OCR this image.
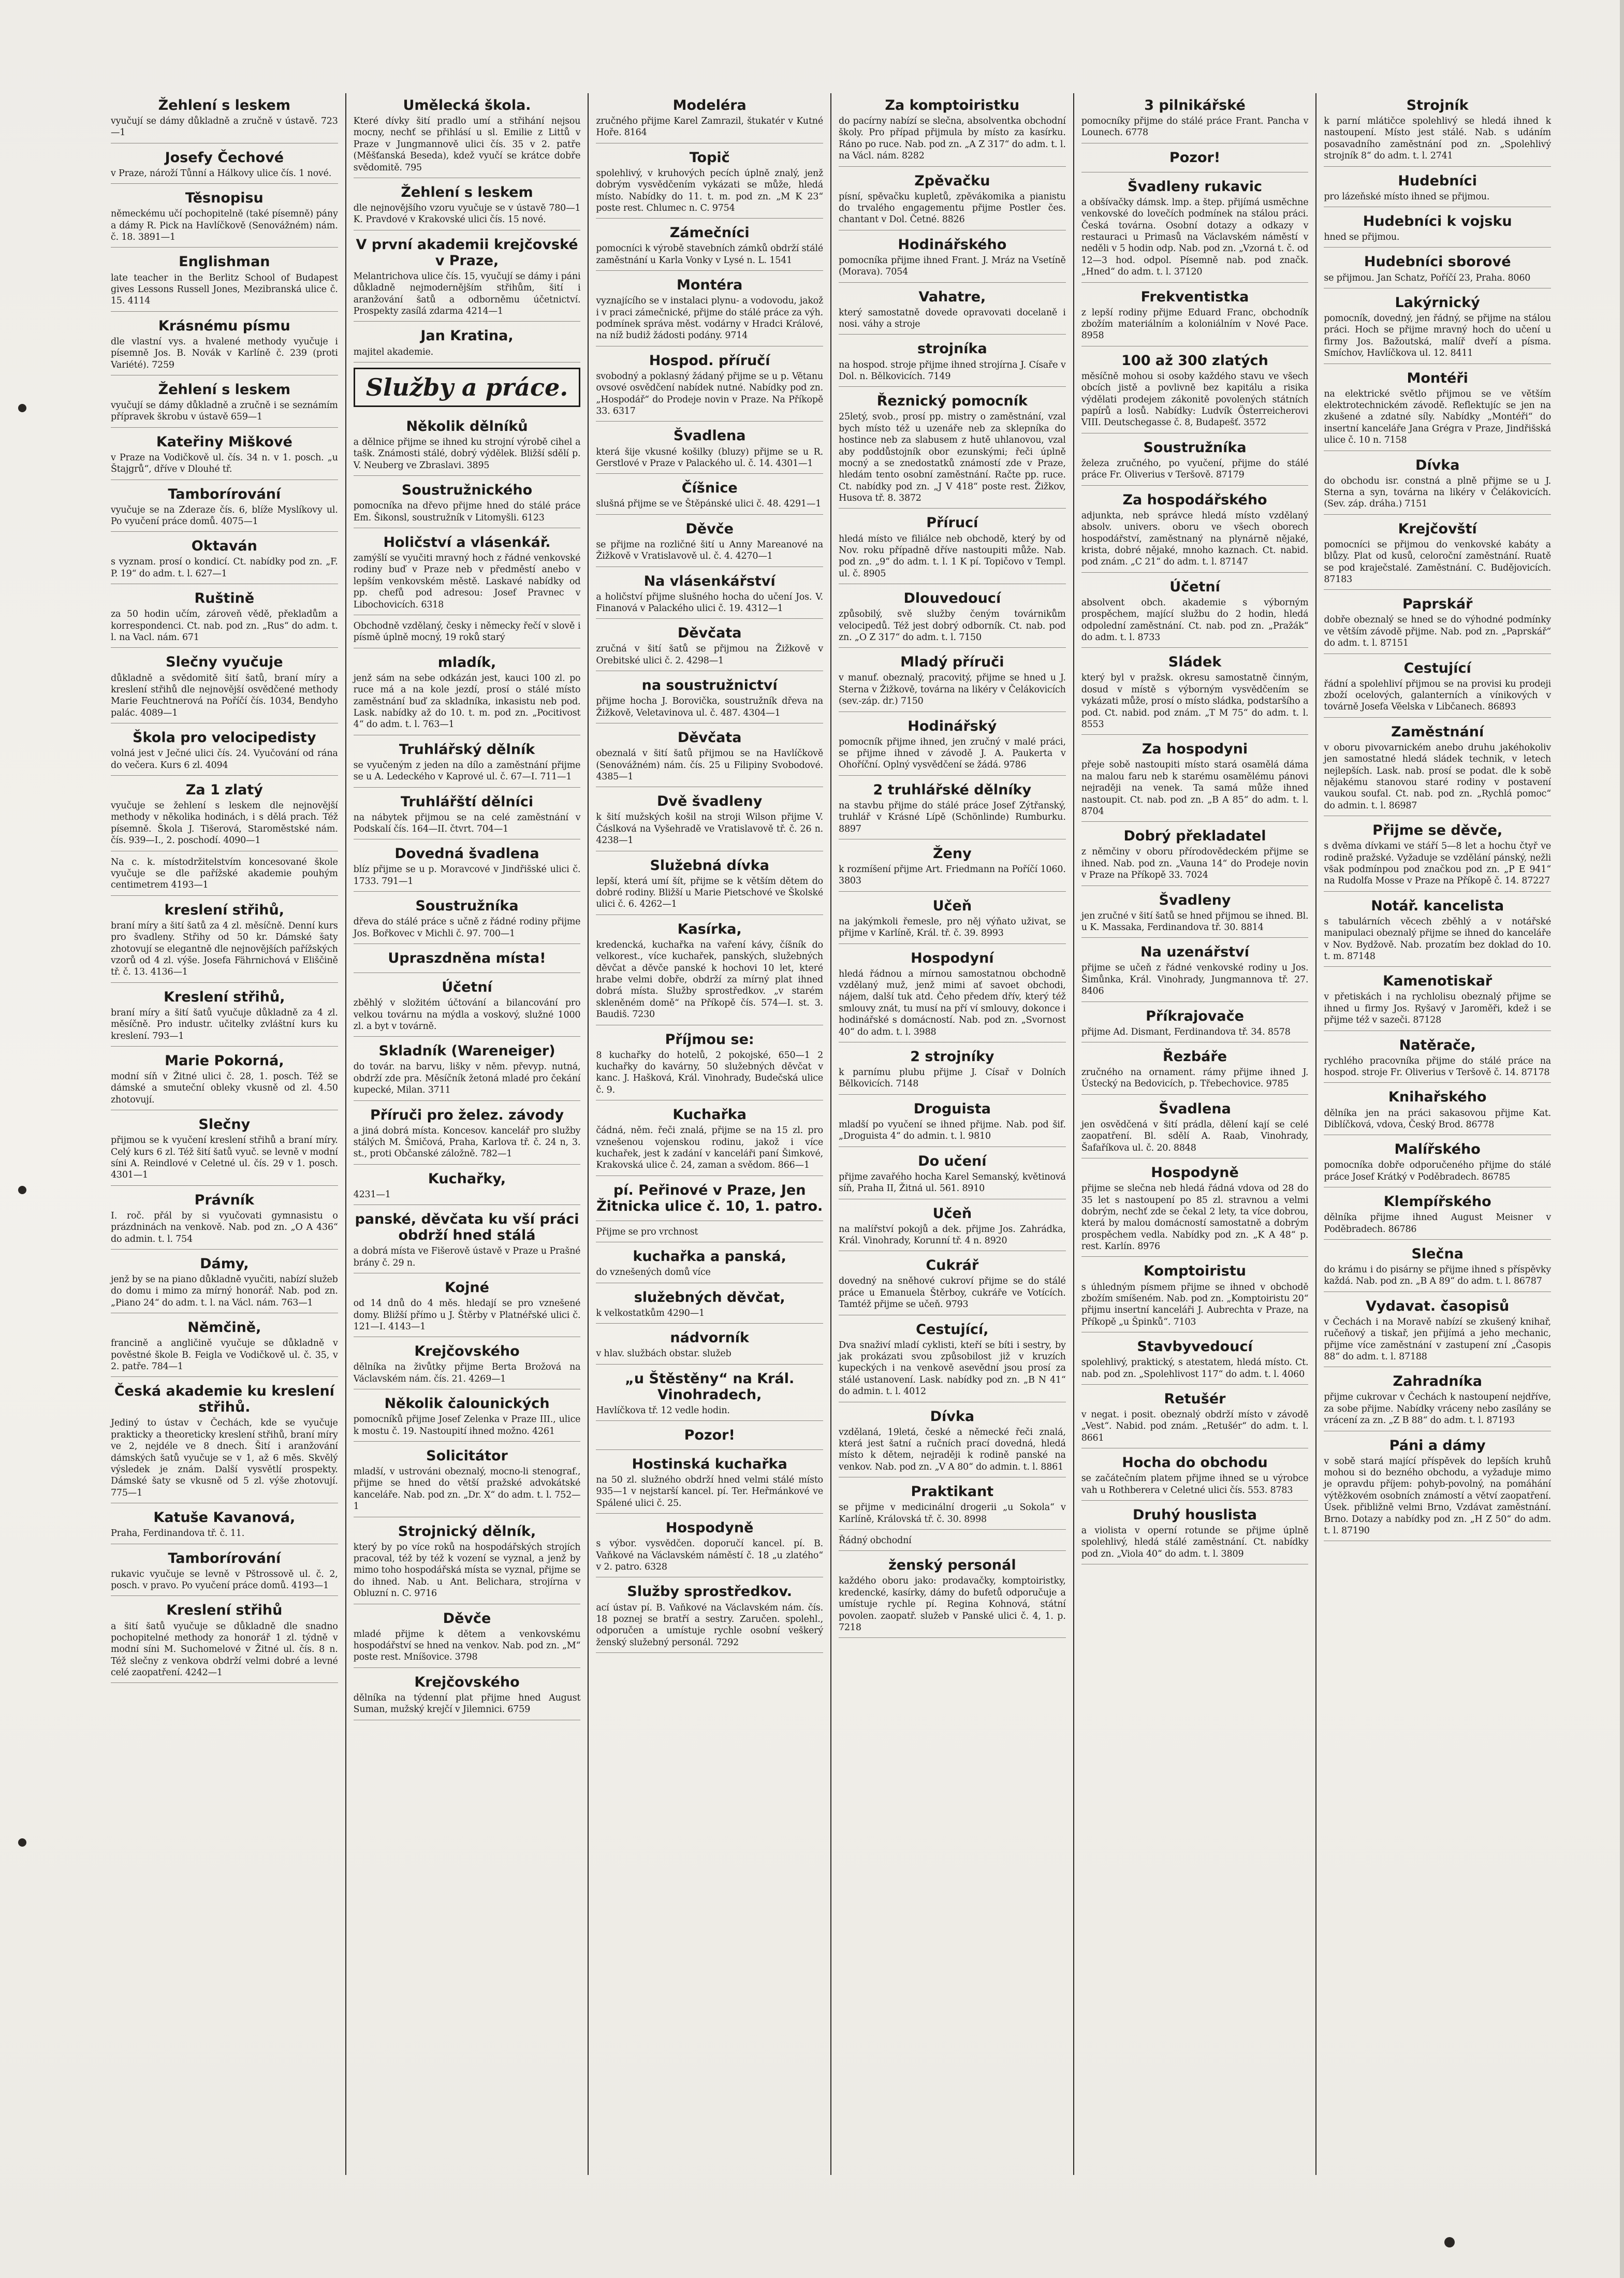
Žehlení s leskem
vyučují se dámy důkladně a zručně v ústavě. 723—1
Josefy Čechové
v Praze, nároží Tůnní a Hálkovy ulice čís. 1 nové.
Těsnopisu
německému učí pochopitelně (také písemně) pány a dámy R. Pick na Havlíčkově (Senovážném) nám. č. 18. 3891—1
Englishman
late teacher in the Berlitz School of Budapest gives Lessons Russell Jones, Mezibranská ulice č. 15. 4114
Krásnému písmu
dle vlastní vys. a hvalené methody vyučuje i písemně Jos. B. Novák v Karlíně č. 239 (proti Variété). 7259
Žehlení s leskem
vyučují se dámy důkladně a zručně i se seznámím přípravek škrobu v ústavě 659—1
Kateřiny Miškové
v Praze na Vodičkově ul. čís. 34 n. v 1. posch. „u Štajgrů“, dříve v Dlouhé tř.
Tamborírování
vyučuje se na Zderaze čís. 6, blíže Myslíkovy ul. Po vyučení práce domů. 4075—1
Oktaván
s vyznam. prosí o kondicí. Ct. nabídky pod zn. „F. P. 19“ do adm. t. l. 627—1
Ruštině
za 50 hodin učím, zároveň vědě, překladům a korrespondenci. Ct. nab. pod zn. „Rus“ do adm. t. l. na Vacl. nám. 671
Slečny vyučuje
důkladně a svědomitě šití šatů, braní míry a kreslení střihů dle nejnovější osvědčené methody Marie Feuchtnerová na Poříčí čís. 1034, Bendyho palác. 4089—1
Škola pro velocipedisty
volná jest v Ječné ulici čís. 24. Vyučování od rána do večera. Kurs 6 zl. 4094
Za 1 zlatý
vyučuje se žehlení s leskem dle nejnovější methody v několika hodinách, i s dělá prach. Též písemně. Škola J. Tišerová, Staroměstské nám. čís. 939—I., 2. poschodí. 4090—1
Na c. k. místodržitelstvím koncesované škole vyučuje se dle pařížské akademie pouhým centimetrem 4193—1
kreslení střihů,
braní míry a šití šatů za 4 zl. měsíčně. Denní kurs pro švadleny. Střihy od 50 kr. Dámské šaty zhotovují se elegantně dle nejnovějších pařížských vzorů od 4 zl. výše. Josefa Fährnichová v Eliščině tř. č. 13. 4136—1
Kreslení střihů,
braní míry a šití šatů vyučuje důkladně za 4 zl. měsíčně. Pro industr. učitelky zvláštní kurs ku kreslení. 793—1
Marie Pokorná,
modní síň v Žitné ulici č. 28, 1. posch. Též se dámské a smuteční obleky vkusně od zl. 4.50 zhotovují.
Slečny
přijmou se k vyučení kreslení střihů a braní míry. Celý kurs 6 zl. Též šití šatů vyuč. se levně v modní síni A. Reindlové v Celetné ul. čís. 29 v 1. posch. 4301—1
Právník
I. roč. přál by si vyučovati gymnasistu o prázdninách na venkově. Nab. pod zn. „O A 436“ do admin. t. l. 754
Dámy,
jenž by se na piano důkladně vyučiti, nabízí služeb do domu i mimo za mírný honorář. Nab. pod zn. „Piano 24“ do adm. t. l. na Václ. nám. 763—1
Němčině,
francině a angličině vyučuje se důkladně v pověstné škole B. Feigla ve Vodičkově ul. č. 35, v 2. patře. 784—1
Česká akademie ku kreslení střihů.
Jediný to ústav v Čechách, kde se vyučuje prakticky a theoreticky kreslení střihů, braní míry ve 2, nejdéle ve 8 dnech. Šití i aranžování dámských šatů vyučuje se v 1, až 6 měs. Skvělý výsledek je znám. Další vysvětlí prospekty. Dámské šaty se vkusně od 5 zl. výše zhotovují. 775—1
Katuše Kavanová,
Praha, Ferdinandova tř. č. 11.
Tamborírování
rukavic vyučuje se levně v Pštrossově ul. č. 2, posch. v pravo. Po vyučení práce domů. 4193—1
Kreslení střihů
a šití šatů vyučuje se důkladně dle snadno pochopitelné methody za honorář 1 zl. týdně v modní síni M. Suchomelové v Žitné ul. čís. 8 n. Též slečny z venkova obdrží velmi dobré a levné celé zaopatření. 4242—1
Umělecká škola.
Které dívky šití pradlo umí a střihání nejsou mocny, nechť se přihlásí u sl. Emilie z Littů v Praze v Jungmannově ulici čís. 35 v 2. patře (Měšťanská Beseda), kdež vyučí se krátce dobře svědomitě. 795
Žehlení s leskem
dle nejnovějšího vzoru vyučuje se v ústavě 780—1 K. Pravdové v Krakovské ulici čís. 15 nové.
V první akademii krejčovské v Praze,
Melantrichova ulice čís. 15, vyučují se dámy i páni důkladně nejmodernějším střihům, šití i aranžování šatů a odborněmu účetnictví. Prospekty zasílá zdarma 4214—1
Jan Kratina,
majitel akademie.
Služby a práce.
Několik dělníků
a dělnice přijme se ihned ku strojní výrobě cihel a tašk. Známosti stálé, dobrý výdělek. Bližší sdělí p. V. Neuberg ve Zbraslavi. 3895
Soustružnického
pomocníka na dřevo přijme hned do stálé práce Em. Šikonsl, soustružník v Litomyšli. 6123
Holičství a vlásenkář.
zamýšlí se vyučiti mravný hoch z řádné venkovské rodiny buď v Praze neb v předměstí anebo v lepším venkovském městě. Laskavé nabídky od pp. chefů pod adresou: Josef Pravnec v Libochovicích. 6318
Obchodně vzdělaný, česky i německy řečí v slově i písmě úplně mocný, 19 roků starý
mladík,
jenž sám na sebe odkázán jest, kauci 100 zl. po ruce má a na kole jezdí, prosí o stálé místo zaměstnání buď za skladníka, inkasistu neb pod. Lask. nabídky až do 10. t. m. pod zn. „Pocitivost 4“ do adm. t. l. 763—1
Truhlářský dělník
se vyučeným z jeden na dílo a zaměstnání přijme se u A. Ledeckého v Kaprové ul. č. 67—I. 711—1
Truhlářští dělníci
na nábytek přijmou se na celé zaměstnání v Podskalí čís. 164—II. čtvrt. 704—1
Dovedná švadlena
blíz přijme se u p. Moravcové v Jindřišské ulici č. 1733. 791—1
Soustružníka
dřeva do stálé práce s učně z řádné rodiny přijme Jos. Bořkovec v Michli č. 97. 700—1
Upraszdněna místa!
Účetní
zběhlý v složitém účtování a bilancování pro velkou továrnu na mýdla a voskový, služné 1000 zl. a byt v továrně.
Skladník (Wareneiger)
do továr. na barvu, lišky v něm. převyp. nutná, obdrží zde pra. Měsíčník žetoná mladé pro čekání kupecké, Milan. 3711
Příruči pro želez. závody
a jiná dobrá místa. Koncesov. kancelář pro služby stálých M. Šmičová, Praha, Karlova tř. č. 24 n, 3. st., proti Občanské záložně. 782—1
Kuchařky,
4231—1
panské, děvčata ku vší práci obdrží hned stálá
a dobrá místa ve Fišerově ústavě v Praze u Prašné brány č. 29 n.
Kojné
od 14 dnů do 4 měs. hledají se pro vznešené domy. Bližší přímo u J. Štěrby v Platnéřské ulici č. 121—I. 4143—1
Krejčovského
dělníka na živůtky přijme Berta Brožová na Václavském nám. čís. 21. 4269—1
Několik čalounických
pomocníků přijme Josef Zelenka v Praze III., ulice k mostu č. 19. Nastoupití ihned možno. 4261
Solicitátor
mladší, v ustrováni obeznalý, mocno-li stenograf., přijme se hned do větší pražské advokátské kanceláře. Nab. pod zn. „Dr. X“ do adm. t. l. 752—1
Strojnický dělník,
který by po více roků na hospodářských strojích pracoval, též by též k vození se vyznal, a jenž by mimo toho hospodářská místa se vyznal, přijme se do ihned. Nab. u Ant. Belichara, strojírna v Obluzní n. C. 9716
Děvče
mladé přijme k dětem a venkovskému hospodářství se hned na venkov. Nab. pod zn. „M“ poste rest. Mníšovice. 3798
Krejčovského
dělníka na týdenní plat přijme hned August Suman, mužský krejčí v Jilemnici. 6759
Modeléra
zručného přijme Karel Zamrazil, štukatér v Kutné Hoře. 8164
Topič
spolehlivý, v kruhových pecích úplně znalý, jenž dobrým vysvědčením vykázati se může, hledá místo. Nabídky do 11. t. m. pod zn. „M K 23“ poste rest. Chlumec n. C. 9754
Zámečníci
pomocníci k výrobě stavebních zámků obdrží stálé zaměstnání u Karla Vonky v Lysé n. L. 1541
Montéra
vyznajícího se v instalaci plynu- a vodovodu, jakož i v praci zámečnické, přijme do stálé práce za výh. podmínek správa měst. vodárny v Hradci Králové, na níž budiž žádosti podány. 9714
Hospod. příručí
svobodný a poklasný žádaný přijme se u p. Větanu ovsové osvědčení nabídek nutné. Nabídky pod zn. „Hospodář“ do Prodeje novin v Praze. Na Příkopě 33. 6317
Švadlena
která šije vkusné košilky (bluzy) přijme se u R. Gerstlové v Praze v Palackého ul. č. 14. 4301—1
Číšnice
slušná přijme se ve Štěpánské ulici č. 48. 4291—1
Děvče
se přijme na rozličné šití u Anny Mareanové na Žižkově v Vratislavově ul. č. 4. 4270—1
Na vlásenkářství
a holičství přijme slušného hocha do učení Jos. V. Finanová v Palackého ulici č. 19. 4312—1
Děvčata
zručná v šití šatů se přijmou na Žižkově v Orebitské ulici č. 2. 4298—1
na soustružnictví
přijme hocha J. Borovička, soustružník dřeva na Žižkově, Veletavinova ul. č. 487. 4304—1
Děvčata
obeznalá v šití šatů přijmou se na Havlíčkově (Senovážném) nám. čís. 25 u Filipiny Svobodové. 4385—1
Dvě švadleny
k šití mužských košil na stroji Wilson přijme V. Čáslková na Vyšehradě ve Vratislavově tř. č. 26 n. 4238—1
Služebná dívka
lepší, která umí šít, přijme se k větším dětem do dobré rodiny. Bližší u Marie Pietschové ve Školské ulici č. 6. 4262—1
Kasírka,
kredencká, kuchařka na vaření kávy, číšník do velkorest., více kuchařek, panských, služebných děvčat a děvče panské k hochovi 10 let, které hrabe velmi dobře, obdrží za mírný plat ihned dobrá místa. Služby sprostředkov. „v starém skleněném domě“ na Příkopě čís. 574—I. st. 3. Baudiš. 7230
Příjmou se:
8 kuchařky do hotelů, 2 pokojské, 650—1 2 kuchařky do kavárny, 50 služebných děvčat v kanc. J. Hašková, Král. Vinohrady, Budečská ulice č. 9.
Kuchařka
čádná, něm. řeči znalá, přijme se na 15 zl. pro vznešenou vojenskou rodinu, jakož i více kuchařek, jest k zadání v kanceláři paní Šimkové, Krakovská ulice č. 24, zaman a svědom. 866—1
pí. Peřinové v Praze, Jen Žitnicka ulice č. 10, 1. patro.
Přijme se pro vrchnost
kuchařka a panská,
do vznešených domů více
služebných děvčat,
k velkostatkům 4290—1
nádvorník
v hlav. službách obstar. služeb
„u Štěstěny“ na Král. Vinohradech,
Havlíčkova tř. 12 vedle hodin.
Pozor!
Hostinská kuchařka
na 50 zl. služného obdrží hned velmi stálé místo 935—1 v nejstarší kancel. pí. Ter. Heřmánkové ve Spálené ulici č. 25.
Hospodyně
s výbor. vysvědčen. doporučí kancel. pí. B. Vaňkové na Václavském náměstí č. 18 „u zlatého“ v 2. patro. 6328
Služby sprostředkov.
ací ústav pí. B. Vaňkové na Václavském nám. čís. 18 poznej se bratří a sestry. Zaručen. spolehl., odporučen a umístuje rychle osobní veškerý ženský služebný personál. 7292
Za komptoiristku
do pacírny nabízí se slečna, absolventka obchodní školy. Pro případ přijmula by místo za kasírku. Ráno po ruce. Nab. pod zn. „A Z 317“ do adm. t. l. na Václ. nám. 8282
Zpěvačku
písní, spěvačku kupletů, zpěvákomika a pianistu do trvalého engagementu přijme Postler čes. chantant v Dol. Četné. 8826
Hodinářského
pomocníka přijme ihned Frant. J. Mráz na Vsetíně (Morava). 7054
Vahatre,
který samostatně dovede opravovati docelaně i nosi. váhy a stroje
strojníka
na hospod. stroje přijme ihned strojírna J. Císaře v Dol. n. Bělkovicích. 7149
Řeznický pomocník
25letý, svob., prosí pp. mistry o zaměstnání, vzal bych místo též u uzenáře neb za sklepníka do hostince neb za slabusem z hutě uhlanovou, vzal aby poddůstojník obor ezunskými; řeči úplně mocný a se znedostatků známostí zde v Praze, hledám tento osobní zaměstnání. Račte pp. ruce. Ct. nabídky pod zn. „J V 418“ poste rest. Žižkov, Husova tř. 8. 3872
Přírucí
hledá místo ve filiálce neb obchodě, který by od Nov. roku případně dříve nastoupiti může. Nab. pod zn. „9“ do adm. t. l. 1 K pí. Topičovo v Templ. ul. č. 8905
Dlouvedoucí
způsobilý, svě služby čeným továrnikům velocipedů. Též jest dobrý odborník. Ct. nab. pod zn. „O Z 317“ do adm. t. l. 7150
Mladý příruči
v manuf. obeznalý, pracovitý, přijme se hned u J. Sterna v Žižkově, továrna na likéry v Čelákovicích (sev.-záp. dr.) 7150
Hodinářský
pomocník přijme ihned, jen zručný v malé práci, se přijme ihned v závodě J. A. Paukerta v Ohoříční. Oplný vysvědčení se žádá. 9786
2 truhlářské dělníky
na stavbu přijme do stálé práce Josef Zýtřanský, truhlář v Krásné Lípě (Schönlinde) Rumburku. 8897
Ženy
k rozmíšení přijme Art. Friedmann na Poříčí 1060. 3803
Učeň
na jakýmkoli řemesle, pro něj výňato uživat, se přijme v Karlíně, Král. tř. č. 39. 8993
Hospodyní
hledá řádnou a mírnou samostatnou obchodně vzdělaný muž, jenž mimi ať savoet obchodi, nájem, další tuk atd. Čeho předem dřív, který též smlouvy znát, tu musí na pří ví smlouvy, dokonce i hodinářské s domácností. Nab. pod zn. „Svornost 40“ do adm. t. l. 3988
2 strojníky
k parnímu plubu přijme J. Císař v Dolních Bělkovicích. 7148
Droguista
mladší po vyučení se ihned přijme. Nab. pod šif. „Droguista 4“ do admin. t. l. 9810
Do učení
přijme zavařého hocha Karel Semanský, květinová síň, Praha II, Žitná ul. 561. 8910
Učeň
na malířství pokojů a dek. přijme Jos. Zahrádka, Král. Vinohrady, Korunní tř. 4 n. 8920
Cukrář
dovedný na sněhové cukroví přijme se do stálé práce u Emanuela Štěrboy, cukráře ve Votících. Tamtéž přijme se učeň. 9793
Cestující,
Dva snaživí mladí cyklisti, kteří se bíti i sestry, by jak prokázati svou způsobilost již v kruzích kupeckých i na venkově asevědní jsou prosí za stálé ustanovení. Lask. nabídky pod zn. „B N 41“ do admin. t. l. 4012
Dívka
vzdělaná, 19letá, české a německé řeči znalá, která jest šatní a ručních prací dovedná, hledá místo k dětem, nejraději k rodině panské na venkov. Nab. pod zn. „V A 80“ do admin. t. l. 8861
Praktikant
se přijme v medicinální drogerii „u Sokola“ v Karlíně, Královská tř. č. 30. 8998
Řádný obchodní
ženský personál
každého oboru jako: prodavačky, komptoiristky, kredencké, kasírky, dámy do bufetů odporučuje a umístuje rychle pí. Regina Kohnová, státní povolen. zaopatř. služeb v Panské ulici č. 4, 1. p. 7218
3 pilnikářské
pomocníky přijme do stálé práce Frant. Pancha v Lounech. 6778
Pozor!
Švadleny rukavic
a obšívačky dámsk. lmp. a štep. přijímá usměchne venkovské do lovečích podmínek na stálou práci. Česká továrna. Osobní dotazy a odkazy v restauraci u Primasů na Václavském náměstí v neděli v 5 hodin odp. Nab. pod zn. „Vzorná t. č. od 12—3 hod. odpol. Písemně nab. pod značk. „Hned“ do adm. t. l. 37120
Frekventistka
z lepší rodiny přijme Eduard Franc, obchodník zbožím materiálním a koloniálním v Nové Pace. 8958
100 až 300 zlatých
měsíčně mohou si osoby každého stavu ve všech obcích jistě a povlivně bez kapitálu a risika výdělati prodejem zákonitě povolených státních papírů a losů. Nabídky: Ludvík Österreicherovi VIII. Deutschegasse č. 8, Budapešť. 3572
Soustružníka
železa zručného, po vyučení, přijme do stálé práce Fr. Oliverius v Teršově. 87179
Za hospodářského
adjunkta, neb správce hledá místo vzdělaný absolv. univers. oboru ve všech oborech hospodářství, zaměstnaný na plynárně nějaké, krista, dobré nějaké, mnoho kaznach. Ct. nabid. pod znám. „C 21“ do adm. t. l. 87147
Účetní
absolvent obch. akademie s výborným prospěchem, mající službu do 2 hodin, hledá odpolední zaměstnání. Ct. nab. pod zn. „Pražák“ do adm. t. l. 8733
Sládek
který byl v pražsk. okresu samostatně činným, dosud v místě s výborným vysvědčením se vykázati může, prosí o místo sládka, podstaršího a pod. Ct. nabid. pod znám. „T M 75“ do adm. t. l. 8553
Za hospodyni
přeje sobě nastoupiti místo stará osamělá dáma na malou faru neb k starému osamělému pánovi nejraději na venek. Ta samá může ihned nastoupit. Ct. nab. pod zn. „B A 85“ do adm. t. l. 8704
Dobrý překladatel
z němčiny v oboru přírodovědeckém přijme se ihned. Nab. pod zn. „Vauna 14“ do Prodeje novin v Praze na Příkopě 33. 7024
Švadleny
jen zručné v šití šatů se hned přijmou se ihned. Bl. u K. Massaka, Ferdinandova tř. 30. 8814
Na uzenářství
přijme se učeň z řádné venkovské rodiny u Jos. Šimůnka, Král. Vinohrady, Jungmannova tř. 27. 8406
Příkrajovače
přijme Ad. Dismant, Ferdinandova tř. 34. 8578
Řezbáře
zručného na ornament. rámy přijme ihned J. Ústecký na Bedovicích, p. Třebechovice. 9785
Švadlena
jen osvědčená v šití prádla, dělení kají se celé zaopatření. Bl. sdělí A. Raab, Vinohrady, Šafaříkova ul. č. 20. 8848
Hospodyně
přijme se slečna neb hledá řádná vdova od 28 do 35 let s nastoupení po 85 zl. stravnou a velmi dobrým, nechť zde se čekal 2 lety, ta více dobrou, která by malou domácností samostatně a dobrým prospěchem vedla. Nabídky pod zn. „K A 48“ p. rest. Karlín. 8976
Komptoiristu
s úhledným písmem přijme se ihned v obchodě zbožím smíšeném. Nab. pod zn. „Komptoiristu 20“ přijmu insertní kanceláři J. Aubrechta v Praze, na Příkopě „u Špinků“. 7103
Stavbyvedoucí
spolehlivý, praktický, s atestatem, hledá místo. Ct. nab. pod zn. „Spolehlivost 117“ do adm. t. l. 4060
Retušér
v negat. i posit. obeznalý obdrží místo v závodě „Vest“. Nabid. pod znám. „Retušér“ do adm. t. l. 8661
Hocha do obchodu
se začátečním platem přijme ihned se u výrobce vah u Rothberera v Celetné ulici čís. 553. 8783
Druhý houslista
a violista v operní rotunde se přijme úplně spolehlivý, hledá stálé zaměstnání. Ct. nabídky pod zn. „Viola 40“ do adm. t. l. 3809
Strojník
k parní mlátičce spolehlivý se hledá ihned k nastoupení. Místo jest stálé. Nab. s udáním posavadního zaměstnání pod zn. „Spolehlivý strojník 8“ do adm. t. l. 2741
Hudebníci
pro lázeňské místo ihned se přijmou.
Hudebníci k vojsku
hned se přijmou.
Hudebníci sborové
se přijmou. Jan Schatz, Poříčí 23, Praha. 8060
Lakýrnický
pomocník, dovedný, jen řádný, se přijme na stálou práci. Hoch se přijme mravný hoch do učení u firmy Jos. Bažoutská, malíř dveří a písma. Smíchov, Havlíčkova ul. 12. 8411
Montéři
na elektrické světlo přijmou se ve větším elektrotechnickém závodě. Reflektujíc se jen na zkušené a zdatné síly. Nabídky „Montéři“ do insertní kanceláře Jana Grégra v Praze, Jindřišská ulice č. 10 n. 7158
Dívka
do obchodu isr. constná a plně přijme se u J. Sterna a syn, továrna na likéry v Čelákovicích. (Sev. záp. dráha.) 7151
Krejčovští
pomocníci se přijmou do venkovské kabáty a blůzy. Plat od kusů, celoroční zaměstnání. Ruatě se pod kraječstalé. Zaměstnání. C. Budějovicích. 87183
Paprskář
dobře obeznalý se hned se do výhodné podmínky ve větším závodě přijme. Nab. pod zn. „Paprskář“ do adm. t. l. 87151
Cestující
řádní a spolehliví přijmou se na provisi ku prodeji zboží ocelových, galanterních a vínikových v továrně Josefa Věelska v Libčanech. 86893
Zaměstnání
v oboru pivovarnickém anebo druhu jakéhokoliv jen samostatné hledá sládek technik, v letech nejlepších. Lask. nab. prosí se podat. dle k sobě nějakému stanovou staré rodiny v postavení vaukou soufal. Ct. nab. pod zn. „Rychlá pomoc“ do admin. t. l. 86987
Přijme se děvče,
s dvěma dívkami ve stáří 5—8 let a hochu čtyř ve rodině pražské. Vyžaduje se vzdělání pánský, nežli však podmínpou pod značkou pod zn. „P E 941“ na Rudolfa Mosse v Praze na Příkopě č. 14. 87227
Notář. kancelista
s tabulárních věcech zběhlý a v notářské manipulaci obeznalý přijme se ihned do kanceláře v Nov. Bydžově. Nab. prozatím bez doklad do 10. t. m. 87148
Kamenotiskař
v přetiskách i na rychlolisu obeznalý přijme se ihned u firmy Jos. Ryšavý v Jaroměři, kdež i se přijme též v sazeči. 87128
Natěrače,
rychlého pracovníka přijme do stálé práce na hospod. stroje Fr. Oliverius v Teršově č. 14. 87178
Knihařského
dělníka jen na práci sakasovou přijme Kat. Diblíčková, vdova, Český Brod. 86778
Malířského
pomocníka dobře odporučeného přijme do stálé práce Josef Krátký v Poděbradech. 86785
Klempířského
dělníka přijme ihned August Meisner v Poděbradech. 86786
Slečna
do krámu i do pisárny se přijme ihned s příspěvky každá. Nab. pod zn. „B A 89“ do adm. t. l. 86787
Vydavat. časopisů
v Čechách i na Moravě nabízí se zkušený knihař, ručeňový a tiskař, jen přijímá a jeho mechanic, přijme více zaměstnání v zastupení zní „Časopis 88“ do adm. t. l. 87188
Zahradníka
přijme cukrovar v Čechách k nastoupení nejdříve, za sobe přijme. Nabídky vráceny nebo zasílány se vrácení za zn. „Z B 88“ do adm. t. l. 87193
Páni a dámy
v sobě stará mající příspěvek do lepších kruhů mohou si do bezného obchodu, a vyžaduje mimo je opravdu příjem: pohyb-povolný, na pomáhání výtěžkovém osobních známostí a větví zaopatření. Úsek. přibližně velmi Brno, Vzdávat zaměstnání. Brno. Dotazy a nabídky pod zn. „H Z 50“ do adm. t. l. 87190
